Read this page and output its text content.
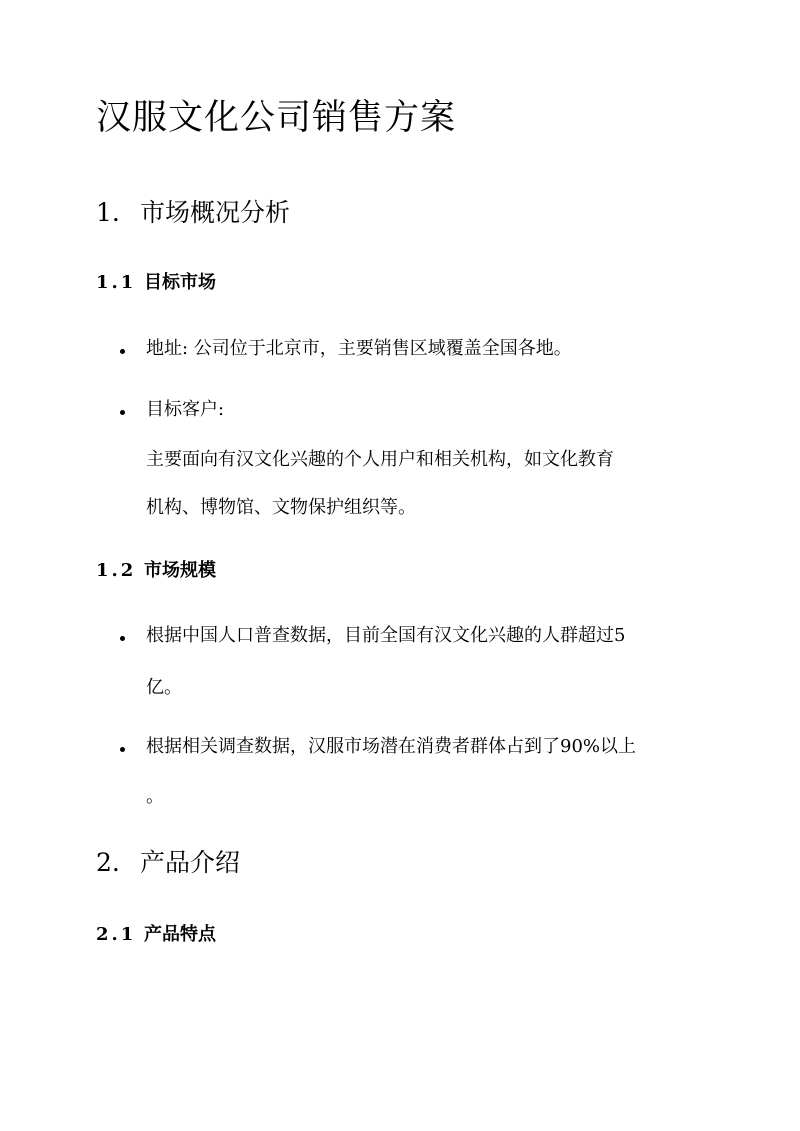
汉服文化公司销售方案
1. 市场概况分析
1.1 目标市场

地址: 公司位于北京市，主要销售区域覆盖全国各地。

目标客户:

主要面向有汉文化兴趣的个人用户和相关机构，如文化教育

机构、博物馆、文物保护组织等。

1.2 市场规模

根据中国人口普查数据，目前全国有汉文化兴趣的人群超过5

亿。

根据相关调查数据，汉服市场潜在消费者群体占到了90%以上

。

2. 产品介绍
2.1 产品特点
